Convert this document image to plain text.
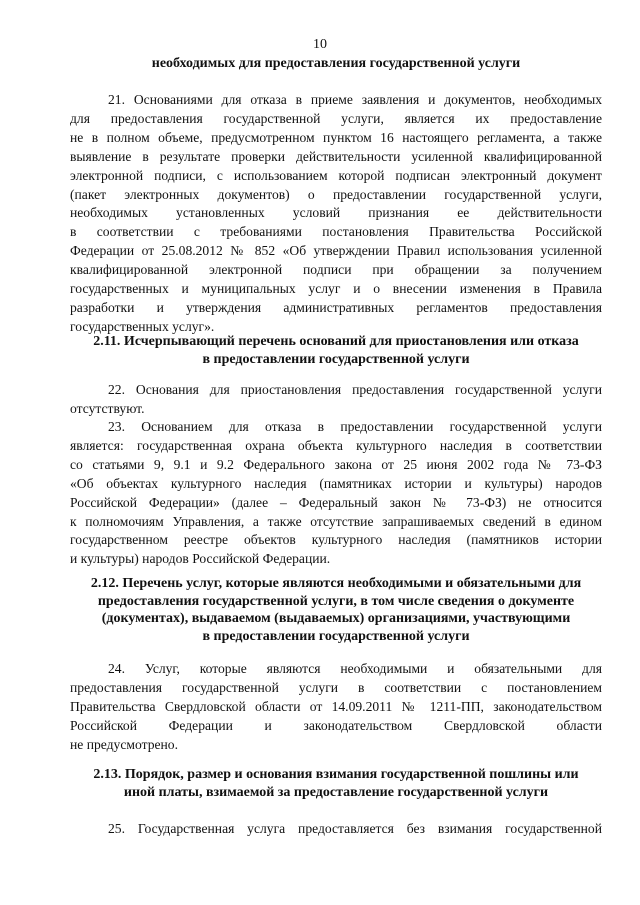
10
необходимых для предоставления государственной услуги
21. Основаниями для отказа в приеме заявления и документов, необходимых
для предоставления государственной услуги, является их предоставление
не в полном объеме, предусмотренном пунктом 16 настоящего регламента, а также
выявление в результате проверки действительности усиленной квалифицированной
электронной подписи, с использованием которой подписан электронный документ
(пакет электронных документов) о предоставлении государственной услуги,
необходимых установленных условий признания ее действительности
в соответствии с требованиями постановления Правительства Российской
Федерации от 25.08.2012 № 852 «Об утверждении Правил использования усиленной
квалифицированной электронной подписи при обращении за получением
государственных и муниципальных услуг и о внесении изменения в Правила
разработки и утверждения административных регламентов предоставления
государственных услуг».
2.11. Исчерпывающий перечень оснований для приостановления или отказа
в предоставлении государственной услуги
22. Основания для приостановления предоставления государственной услуги
отсутствуют.
23. Основанием для отказа в предоставлении государственной услуги
является: государственная охрана объекта культурного наследия в соответствии
со статьями 9, 9.1 и 9.2 Федерального закона от 25 июня 2002 года № 73-ФЗ
«Об объектах культурного наследия (памятниках истории и культуры) народов
Российской Федерации» (далее – Федеральный закон № 73-ФЗ) не относится
к полномочиям Управления, а также отсутствие запрашиваемых сведений в едином
государственном реестре объектов культурного наследия (памятников истории
и культуры) народов Российской Федерации.
2.12. Перечень услуг, которые являются необходимыми и обязательными для
предоставления государственной услуги, в том числе сведения о документе
(документах), выдаваемом (выдаваемых) организациями, участвующими
в предоставлении государственной услуги
24. Услуг, которые являются необходимыми и обязательными для
предоставления государственной услуги в соответствии с постановлением
Правительства Свердловской области от 14.09.2011 № 1211-ПП, законодательством
Российской Федерации и законодательством Свердловской области
не предусмотрено.
2.13. Порядок, размер и основания взимания государственной пошлины или
иной платы, взимаемой за предоставление государственной услуги
25. Государственная услуга предоставляется без взимания государственной
